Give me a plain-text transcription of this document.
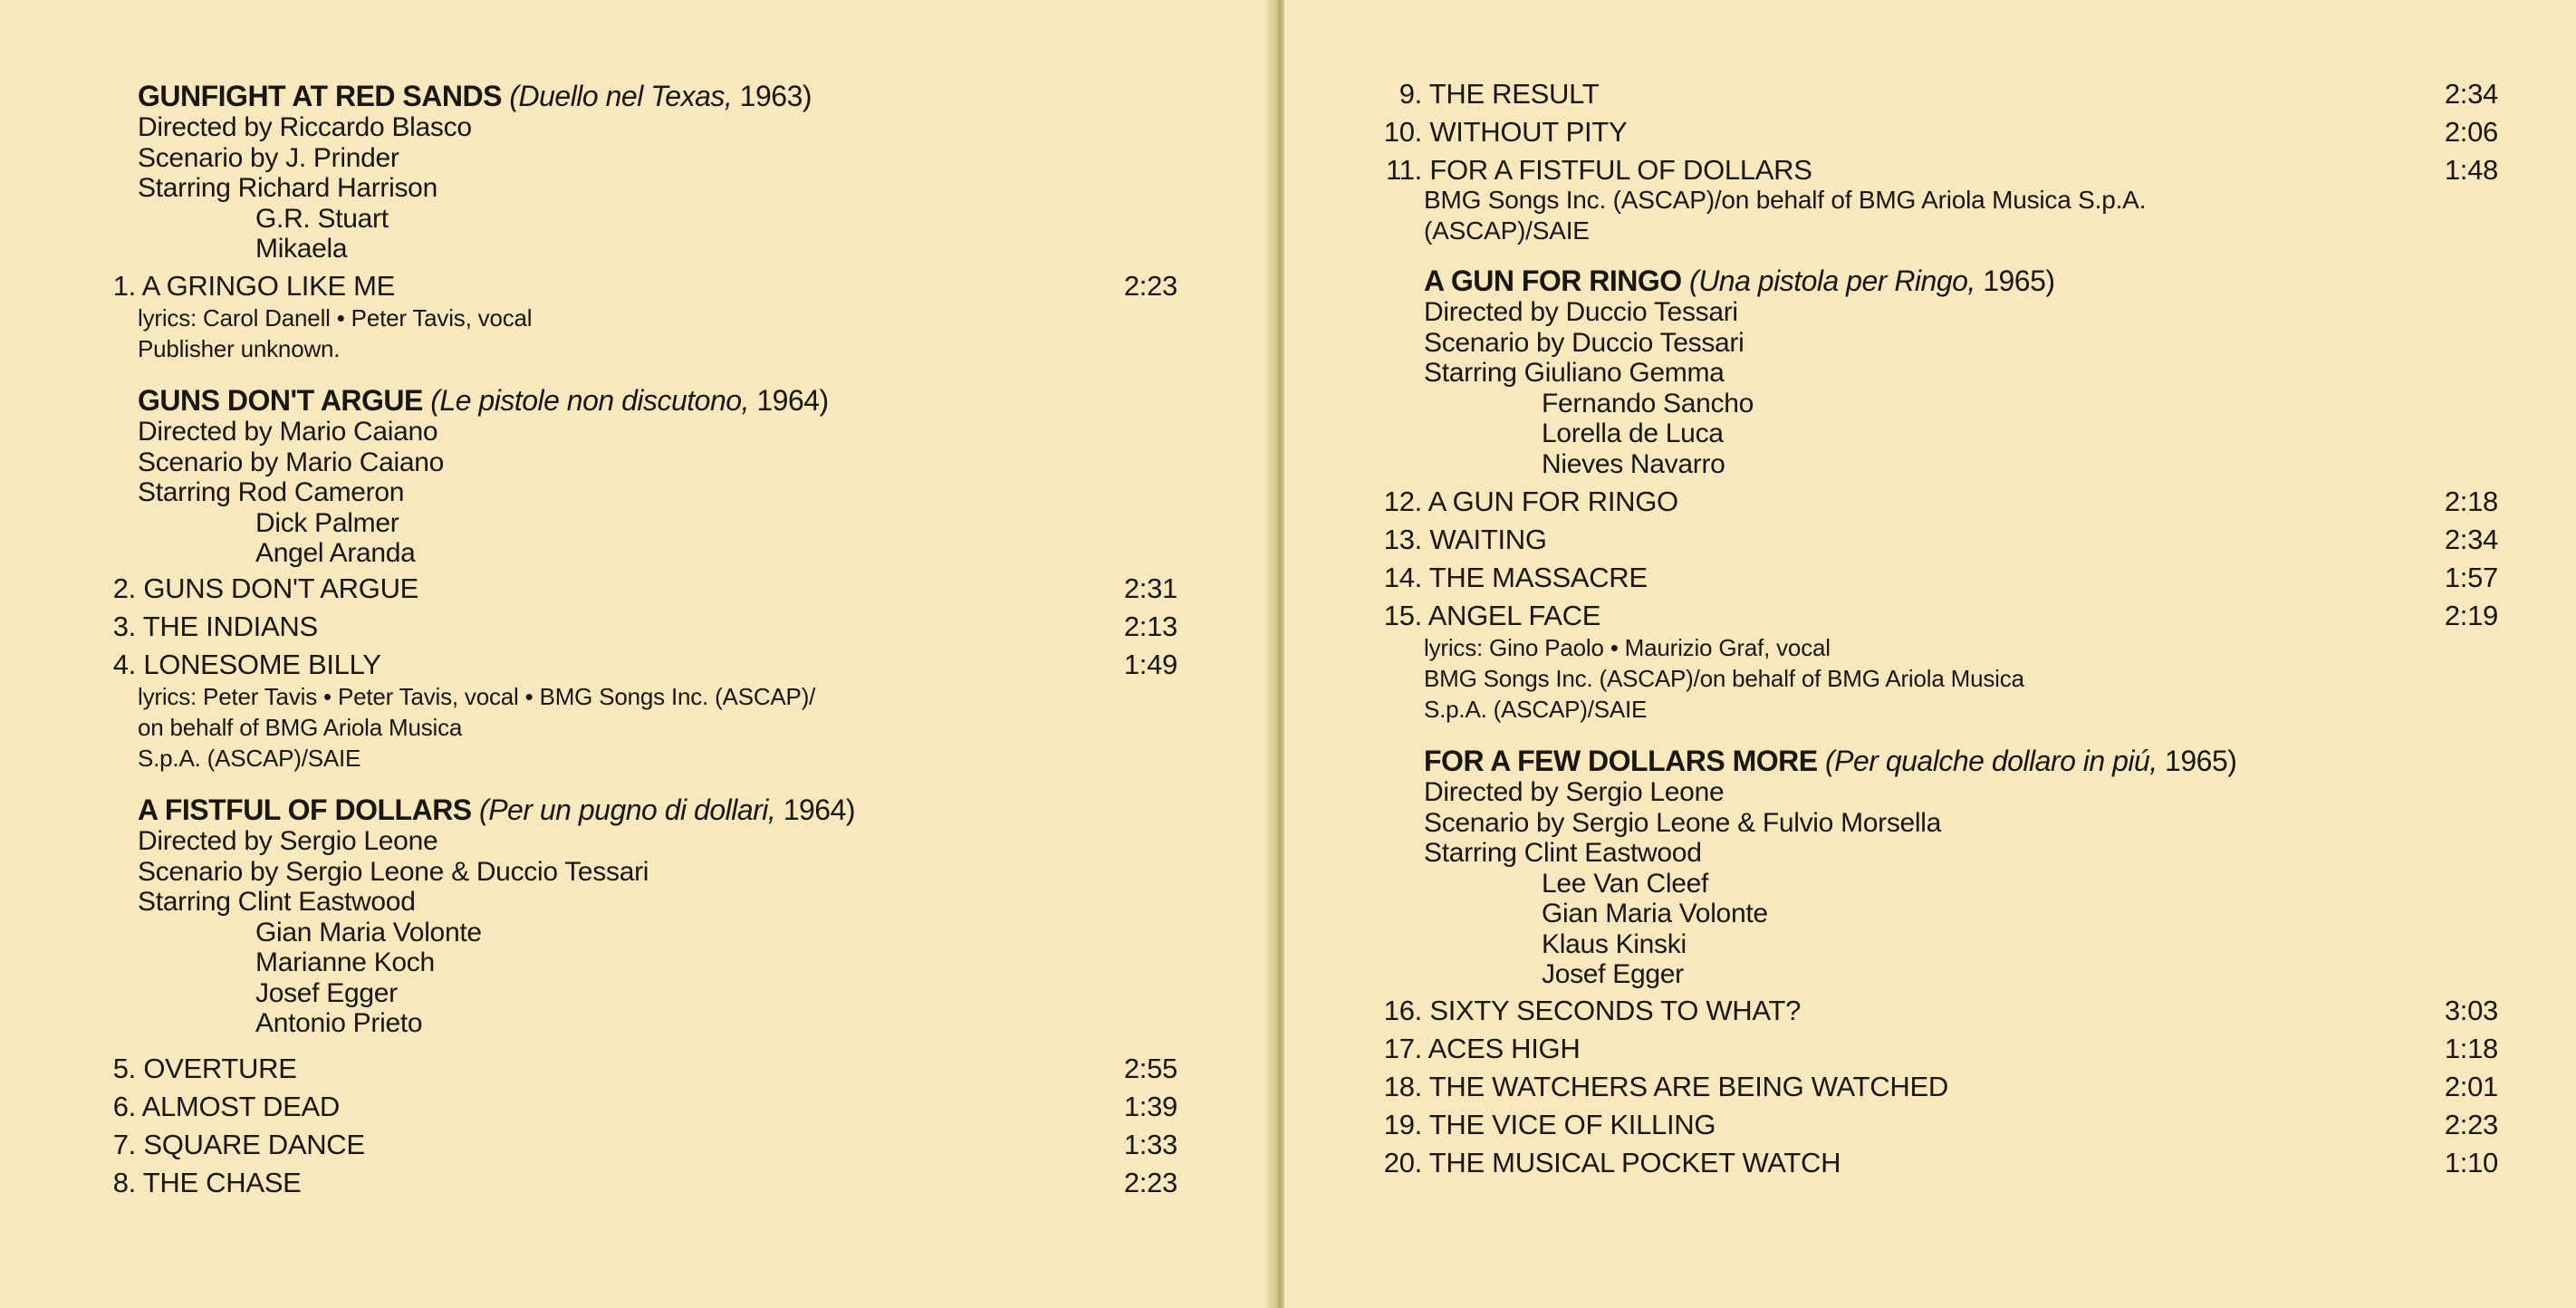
GUNFIGHT AT RED SANDS (Duello nel Texas, 1963)
Directed by Riccardo Blasco
Scenario by J. Prinder
Starring Richard Harrison
G.R. Stuart
Mikaela
1. A GRINGO LIKE ME	2:23
lyrics: Carol Danell • Peter Tavis, vocal
Publisher unknown.
GUNS DON'T ARGUE (Le pistole non discutono, 1964)
Directed by Mario Caiano
Scenario by Mario Caiano
Starring Rod Cameron
Dick Palmer
Angel Aranda
2. GUNS DON'T ARGUE	2:31
3. THE INDIANS	2:13
4. LONESOME BILLY	1:49
lyrics: Peter Tavis • Peter Tavis, vocal • BMG Songs Inc. (ASCAP)/
on behalf of BMG Ariola Musica
S.p.A. (ASCAP)/SAIE
A FISTFUL OF DOLLARS (Per un pugno di dollari, 1964)
Directed by Sergio Leone
Scenario by Sergio Leone & Duccio Tessari
Starring Clint Eastwood
Gian Maria Volonte
Marianne Koch
Josef Egger
Antonio Prieto
5. OVERTURE	2:55
6. ALMOST DEAD	1:39
7. SQUARE DANCE	1:33
8. THE CHASE	2:23
9. THE RESULT	2:34
10. WITHOUT PITY	2:06
11. FOR A FISTFUL OF DOLLARS	1:48
BMG Songs Inc. (ASCAP)/on behalf of BMG Ariola Musica S.p.A.
(ASCAP)/SAIE
A GUN FOR RINGO (Una pistola per Ringo, 1965)
Directed by Duccio Tessari
Scenario by Duccio Tessari
Starring Giuliano Gemma
Fernando Sancho
Lorella de Luca
Nieves Navarro
12. A GUN FOR RINGO	2:18
13. WAITING	2:34
14. THE MASSACRE	1:57
15. ANGEL FACE	2:19
lyrics: Gino Paolo • Maurizio Graf, vocal
BMG Songs Inc. (ASCAP)/on behalf of BMG Ariola Musica
S.p.A. (ASCAP)/SAIE
FOR A FEW DOLLARS MORE (Per qualche dollaro in piú, 1965)
Directed by Sergio Leone
Scenario by Sergio Leone & Fulvio Morsella
Starring Clint Eastwood
Lee Van Cleef
Gian Maria Volonte
Klaus Kinski
Josef Egger
16. SIXTY SECONDS TO WHAT?	3:03
17. ACES HIGH	1:18
18. THE WATCHERS ARE BEING WATCHED	2:01
19. THE VICE OF KILLING	2:23
20. THE MUSICAL POCKET WATCH	1:10
